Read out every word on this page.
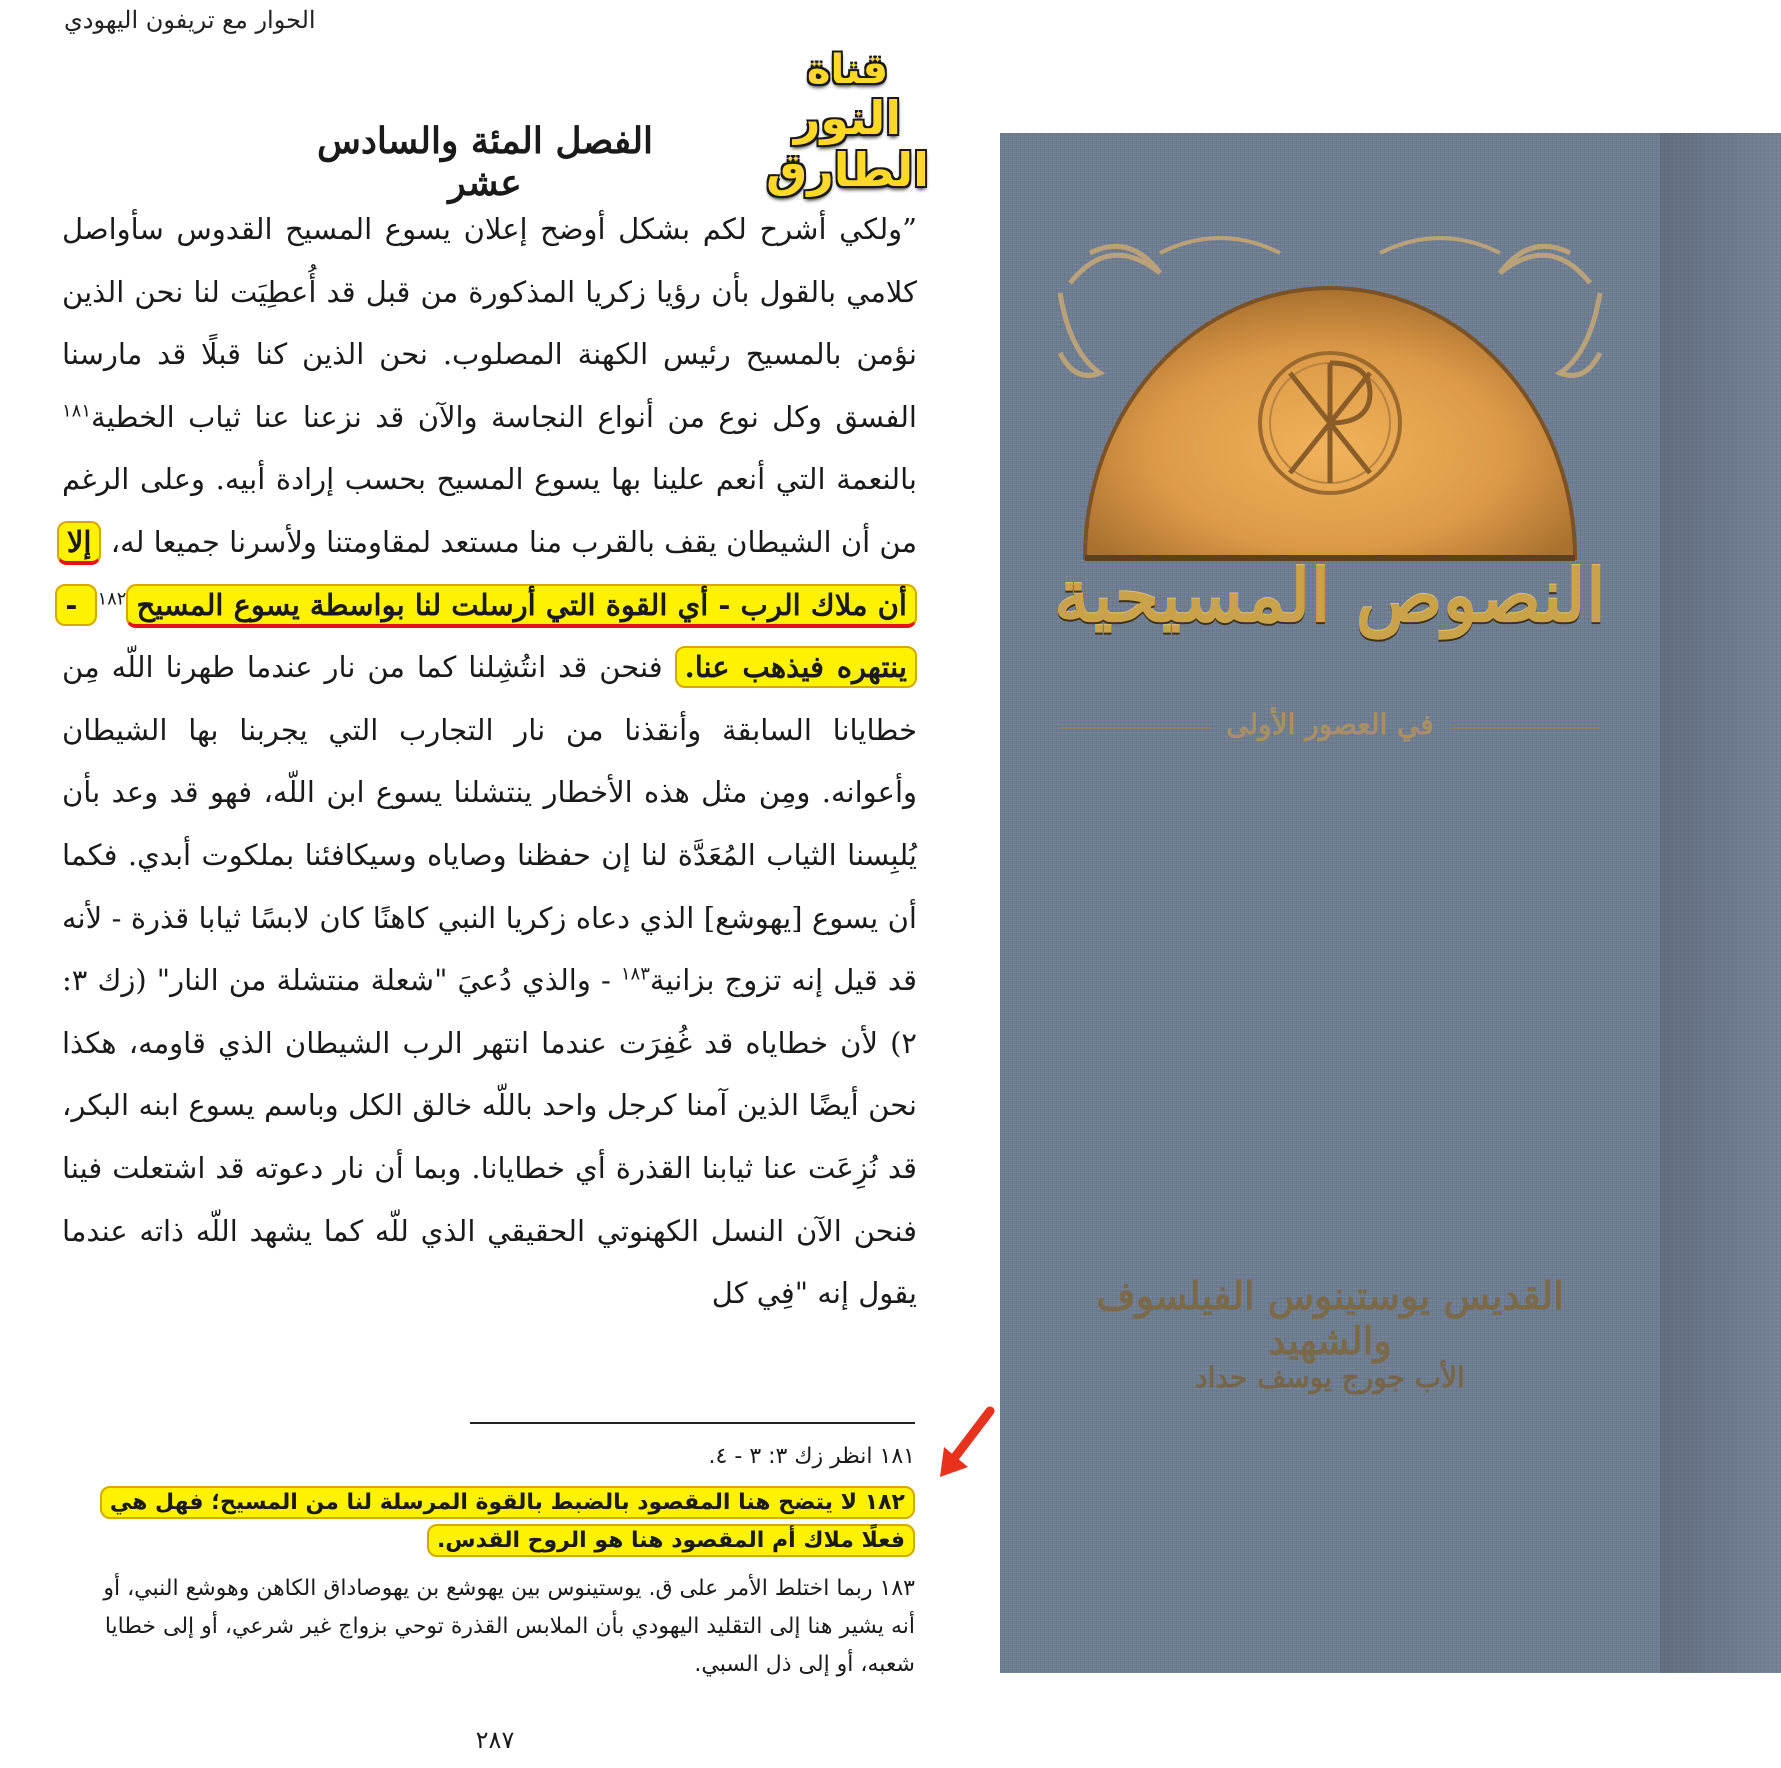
الحوار مع تريفون اليهودي
قناة
النور الطارق
الفصل المئة والسادس عشر
”ولكي أشرح لكم بشكل أوضح إعلان يسوع المسيح القدوس سأواصل كلامي بالقول بأن رؤيا زكريا المذكورة من قبل قد أُعطِيَت لنا نحن الذين نؤمن بالمسيح رئيس الكهنة المصلوب. نحن الذين كنا قبلًا قد مارسنا الفسق وكل نوع من أنواع النجاسة والآن قد نزعنا عنا ثياب الخطية$^{١٨١}$ بالنعمة التي أنعم علينا بها يسوع المسيح بحسب إرادة أبيه. وعلى الرغم من أن الشيطان يقف بالقرب منا مستعد لمقاومتنا ولأسرنا جميعا له، إلا أن ملاك الرب - أي القوة التي أرسلت لنا بواسطة يسوع المسيح$^{١٨٢}$ - ينتهره فيذهب عنا. فنحن قد انتُشِلنا كما من نار عندما طهرنا اللّه مِن خطايانا السابقة وأنقذنا من نار التجارب التي يجربنا بها الشيطان وأعوانه. ومِن مثل هذه الأخطار ينتشلنا يسوع ابن اللّه، فهو قد وعد بأن يُلبِسنا الثياب المُعَدَّة لنا إن حفظنا وصاياه وسيكافئنا بملكوت أبدي. فكما أن يسوع [يهوشع] الذي دعاه زكريا النبي كاهنًا كان لابسًا ثيابا قذرة - لأنه قد قيل إنه تزوج بزانية$^{١٨٣}$ - والذي دُعيَ "شعلة منتشلة من النار" (زك ٣: ٢) لأن خطاياه قد غُفِرَت عندما انتهر الرب الشيطان الذي قاومه، هكذا نحن أيضًا الذين آمنا كرجل واحد باللّه خالق الكل وباسم يسوع ابنه البكر، قد نُزِعَت عنا ثيابنا القذرة أي خطايانا. وبما أن نار دعوته قد اشتعلت فينا فنحن الآن النسل الكهنوتي الحقيقي الذي للّه كما يشهد اللّه ذاته عندما يقول إنه "فِي كل

١٨١ انظر زك ٣: ٣ - ٤.

١٨٢ لا يتضح هنا المقصود بالضبط بالقوة المرسلة لنا من المسيح؛ فهل هي فعلًا ملاك أم المقصود هنا هو الروح القدس.

١٨٣ ربما اختلط الأمر على ق. يوستينوس بين يهوشع بن يهوصاداق الكاهن وهوشع النبي، أو أنه يشير هنا إلى التقليد اليهودي بأن الملابس القذرة توحي بزواج غير شرعي، أو إلى خطايا شعبه، أو إلى ذل السبي.

٢٨٧
النصوص المسيحية
في العصور الأولى
القديس يوستينوس الفيلسوف والشهيد
الأب جورج يوسف حداد
